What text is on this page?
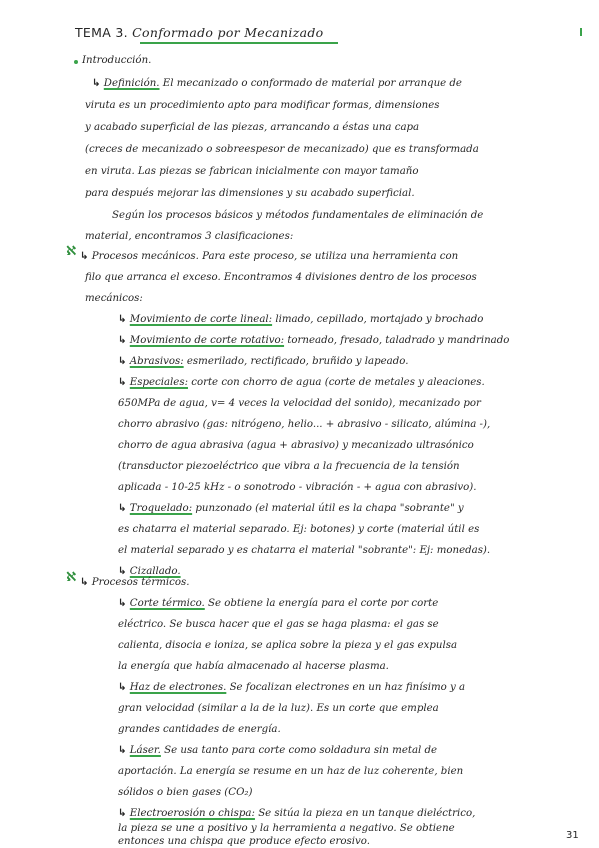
TEMA 3. Conformado por Mecanizado
Introducción.
↳ Definición. El mecanizado o conformado de material por arranque de
viruta es un procedimiento apto para modificar formas, dimensiones
y acabado superficial de las piezas, arrancando a éstas una capa
(creces de mecanizado o sobreespesor de mecanizado) que es transformada
en viruta. Las piezas se fabrican inicialmente con mayor tamaño
para después mejorar las dimensiones y su acabado superficial.
Según los procesos básicos y métodos fundamentales de eliminación de
material, encontramos 3 clasificaciones:
ℵ ↳ Procesos mecánicos. Para este proceso, se utiliza una herramienta con
filo que arranca el exceso. Encontramos 4 divisiones dentro de los procesos
mecánicos:
↳ Movimiento de corte lineal: limado, cepillado, mortajado y brochado
↳ Movimiento de corte rotativo: torneado, fresado, taladrado y mandrinado
↳ Abrasivos: esmerilado, rectificado, bruñido y lapeado.
↳ Especiales: corte con chorro de agua (corte de metales y aleaciones.
650MPa de agua, v= 4 veces la velocidad del sonido), mecanizado por
chorro abrasivo (gas: nitrógeno, helio... + abrasivo - silicato, alúmina -),
chorro de agua abrasiva (agua + abrasivo) y mecanizado ultrasónico
(transductor piezoeléctrico que vibra a la frecuencia de la tensión
aplicada - 10-25 kHz - o sonotrodo - vibración - + agua con abrasivo).
↳ Troquelado: punzonado (el material útil es la chapa "sobrante" y
es chatarra el material separado. Ej: botones) y corte (material útil es
el material separado y es chatarra el material "sobrante": Ej: monedas).
↳ Cizallado.
ℵ ↳ Procesos térmicos.
↳ Corte térmico. Se obtiene la energía para el corte por corte
eléctrico. Se busca hacer que el gas se haga plasma: el gas se
calienta, disocia e ioniza, se aplica sobre la pieza y el gas expulsa
la energía que había almacenado al hacerse plasma.
↳ Haz de electrones. Se focalizan electrones en un haz finísimo y a
gran velocidad (similar a la de la luz). Es un corte que emplea
grandes cantidades de energía.
↳ Láser. Se usa tanto para corte como soldadura sin metal de
aportación. La energía se resume en un haz de luz coherente, bien
sólidos o bien gases (CO₂)
↳ Electroerosión o chispa: Se sitúa la pieza en un tanque dieléctrico,
la pieza se une a positivo y la herramienta a negativo. Se obtiene
entonces una chispa que produce efecto erosivo.
31
